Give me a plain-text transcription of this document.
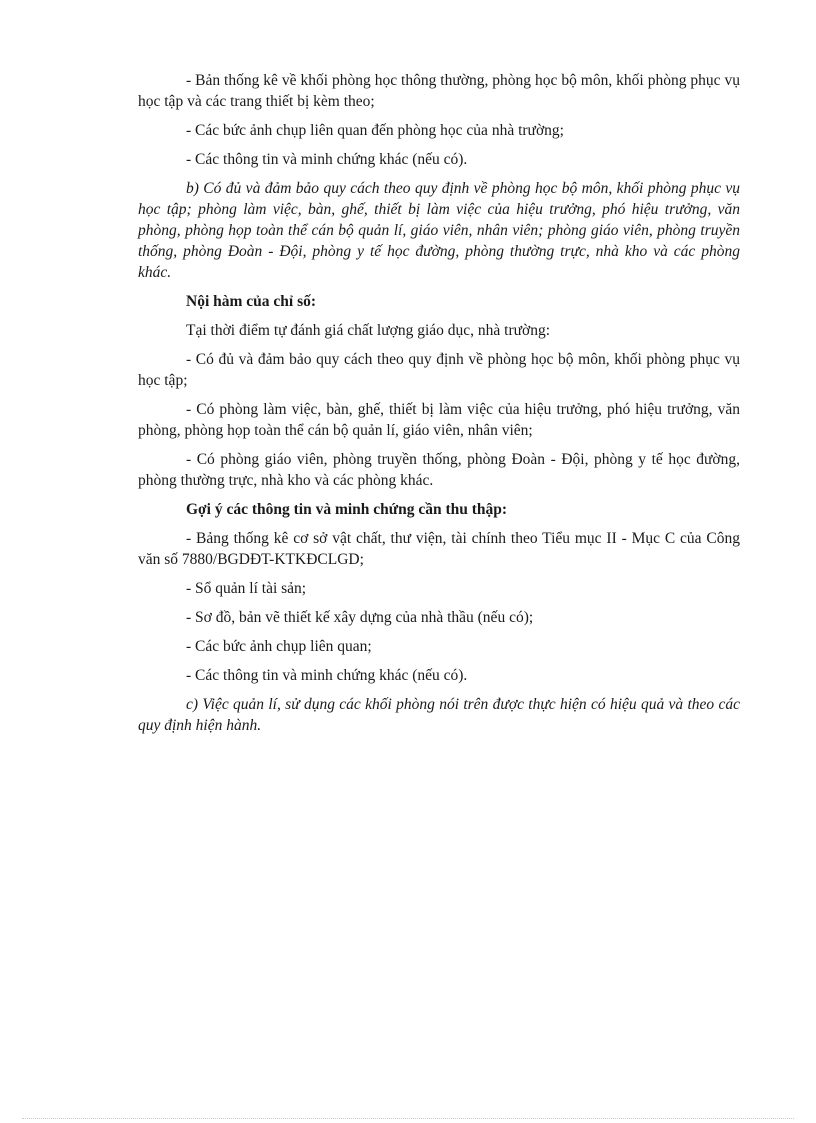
- Bản thống kê về khối phòng học thông thường, phòng học bộ môn, khối phòng phục vụ học tập và các trang thiết bị kèm theo;

- Các bức ảnh chụp liên quan đến phòng học của nhà trường;

- Các thông tin và minh chứng khác (nếu có).

b) Có đủ và đảm bảo quy cách theo quy định về phòng học bộ môn, khối phòng phục vụ học tập; phòng làm việc, bàn, ghế, thiết bị làm việc của hiệu trưởng, phó hiệu trưởng, văn phòng, phòng họp toàn thể cán bộ quản lí, giáo viên, nhân viên; phòng giáo viên, phòng truyền thống, phòng Đoàn - Đội, phòng y tế học đường, phòng thường trực, nhà kho và các phòng khác.

Nội hàm của chỉ số:

Tại thời điểm tự đánh giá chất lượng giáo dục, nhà trường:

- Có đủ và đảm bảo quy cách theo quy định về phòng học bộ môn, khối phòng phục vụ học tập;

- Có phòng làm việc, bàn, ghế, thiết bị làm việc của hiệu trưởng, phó hiệu trưởng, văn phòng, phòng họp toàn thể cán bộ quản lí, giáo viên, nhân viên;

- Có phòng giáo viên, phòng truyền thống, phòng Đoàn - Đội, phòng y tế học đường, phòng thường trực, nhà kho và các phòng khác.

Gợi ý các thông tin và minh chứng cần thu thập:

- Bảng thống kê cơ sở vật chất, thư viện, tài chính theo Tiểu mục II - Mục C của Công văn số 7880/BGDĐT-KTKĐCLGD;

- Sổ quản lí tài sản;

- Sơ đồ, bản vẽ thiết kế xây dựng của nhà thầu (nếu có);

- Các bức ảnh chụp liên quan;

- Các thông tin và minh chứng khác (nếu có).

c) Việc quản lí, sử dụng các khối phòng nói trên được thực hiện có hiệu quả và theo các quy định hiện hành.
